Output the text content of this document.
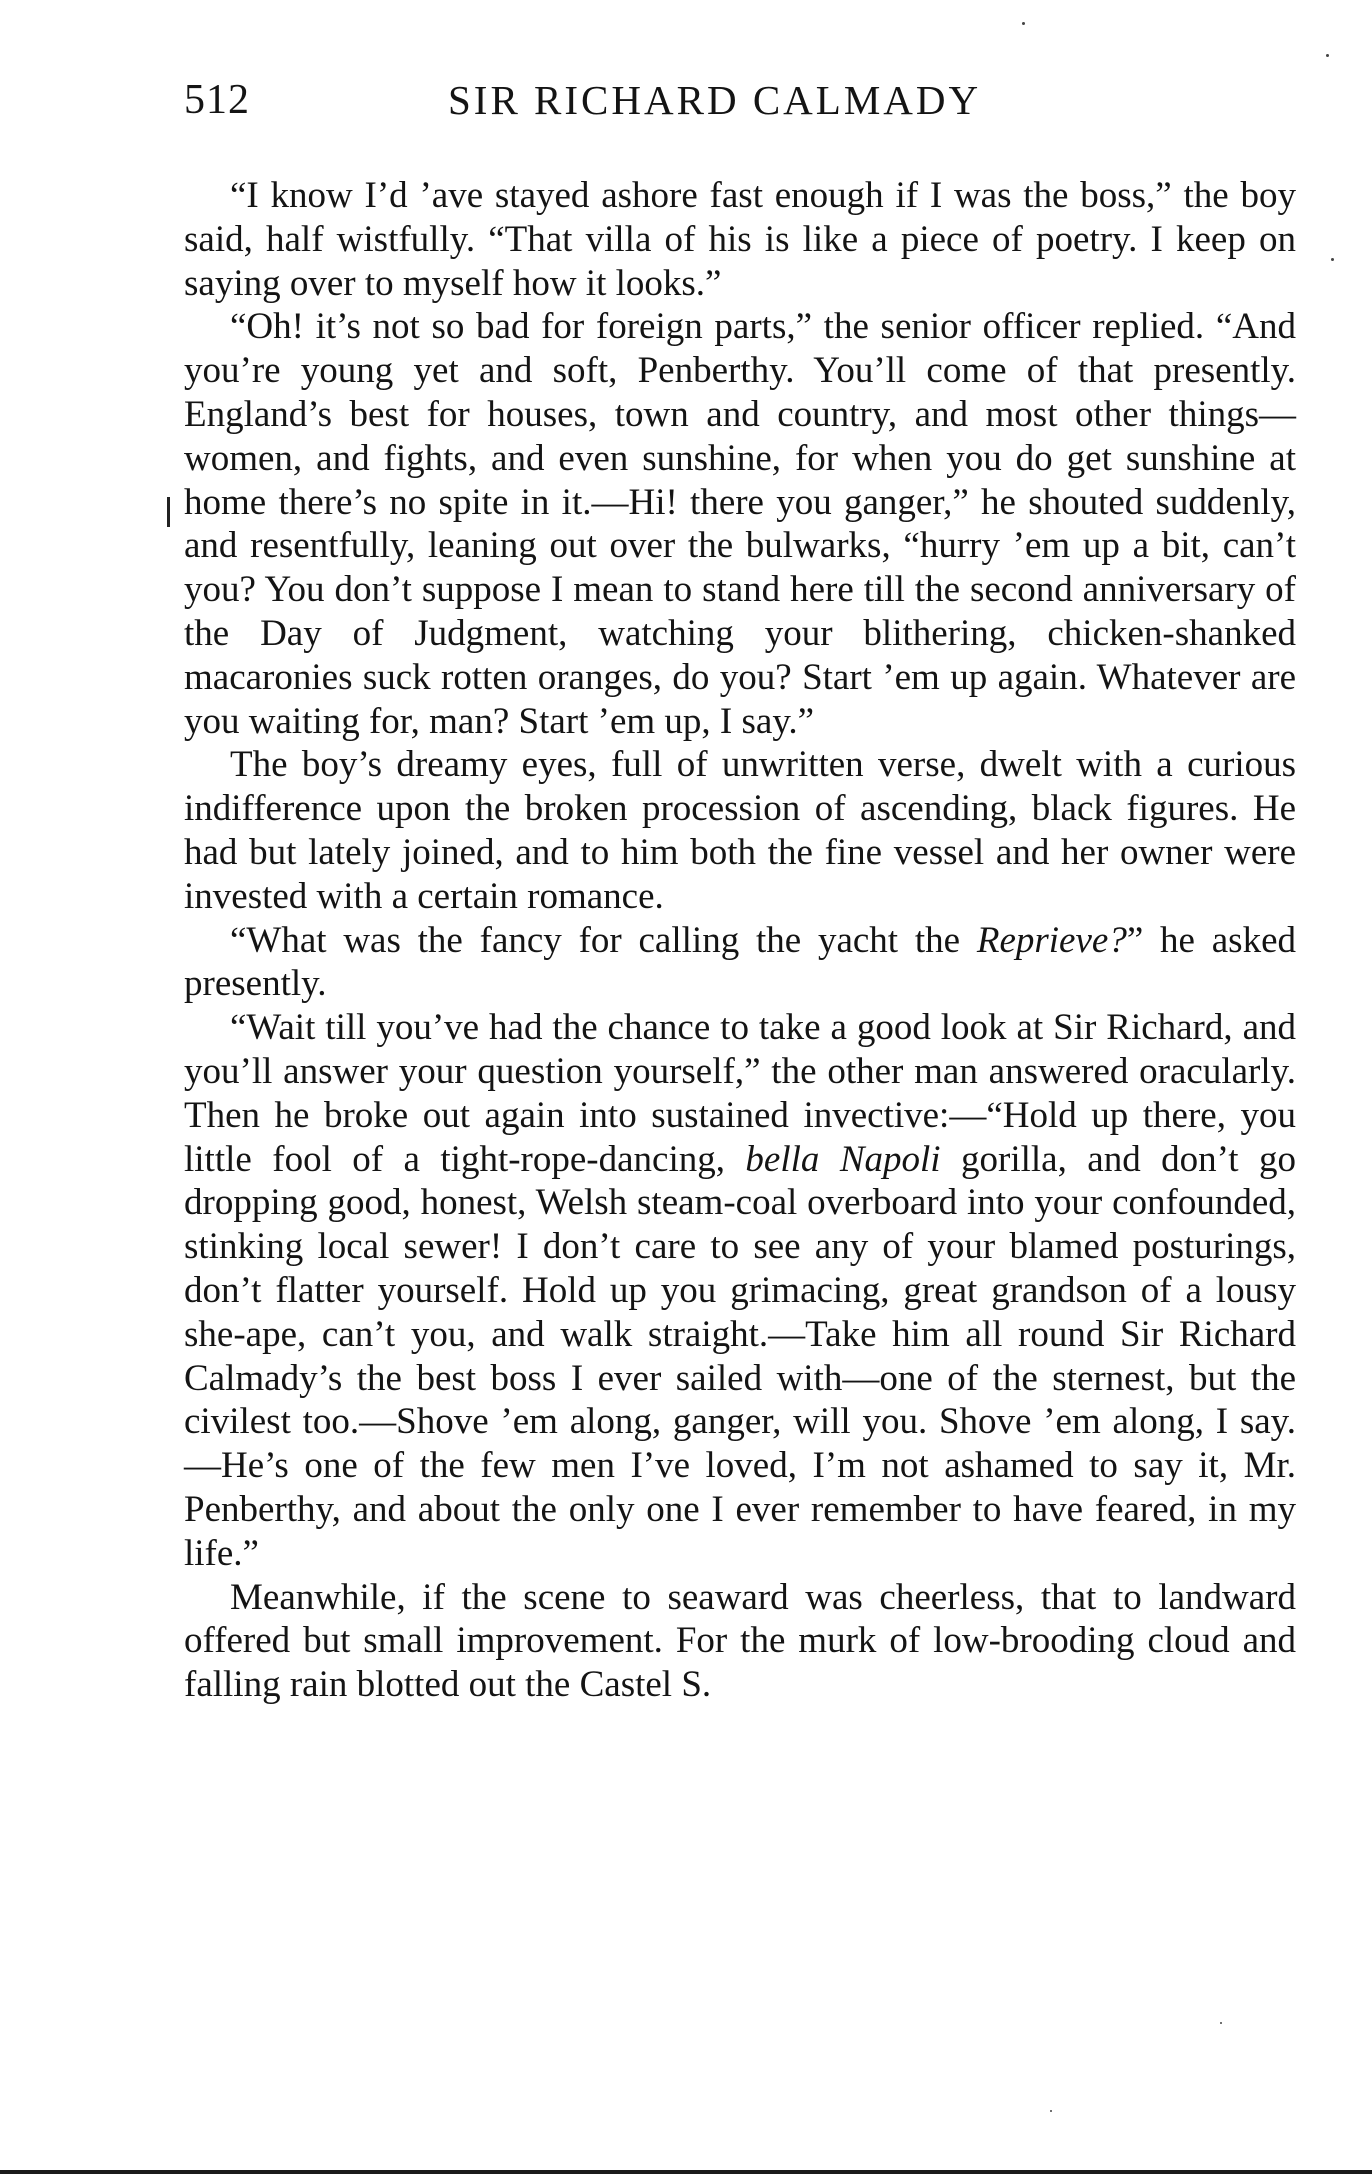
512	SIR RICHARD CALMADY

“I know I’d ’ave stayed ashore fast enough if I was the boss,” the boy said, half wistfully. “That villa of his is like a piece of poetry. I keep on saying over to myself how it looks.”

“Oh! it’s not so bad for foreign parts,” the senior officer replied. “And you’re young yet and soft, Penberthy. You’ll come of that presently. England’s best for houses, town and country, and most other things—women, and fights, and even sunshine, for when you do get sunshine at home there’s no spite in it.—Hi! there you ganger,” he shouted suddenly, and resentfully, leaning out over the bulwarks, “hurry ’em up a bit, can’t you? You don’t suppose I mean to stand here till the second anniversary of the Day of Judgment, watching your blithering, chicken-shanked macaronies suck rotten oranges, do you? Start ’em up again. Whatever are you waiting for, man? Start ’em up, I say.”

The boy’s dreamy eyes, full of unwritten verse, dwelt with a curious indifference upon the broken procession of ascending, black figures. He had but lately joined, and to him both the fine vessel and her owner were invested with a certain romance.

“What was the fancy for calling the yacht the Reprieve?” he asked presently.

“Wait till you’ve had the chance to take a good look at Sir Richard, and you’ll answer your question yourself,” the other man answered oracularly. Then he broke out again into sustained invective:—“Hold up there, you little fool of a tight-rope-dancing, bella Napoli gorilla, and don’t go dropping good, honest, Welsh steam-coal overboard into your confounded, stinking local sewer! I don’t care to see any of your blamed posturings, don’t flatter yourself. Hold up you grimacing, great grandson of a lousy she-ape, can’t you, and walk straight.—Take him all round Sir Richard Calmady’s the best boss I ever sailed with—one of the sternest, but the civilest too.—Shove ’em along, ganger, will you. Shove ’em along, I say.—He’s one of the few men I’ve loved, I’m not ashamed to say it, Mr. Penberthy, and about the only one I ever remember to have feared, in my life.”

Meanwhile, if the scene to seaward was cheerless, that to landward offered but small improvement. For the murk of low-brooding cloud and falling rain blotted out the Castel S.
